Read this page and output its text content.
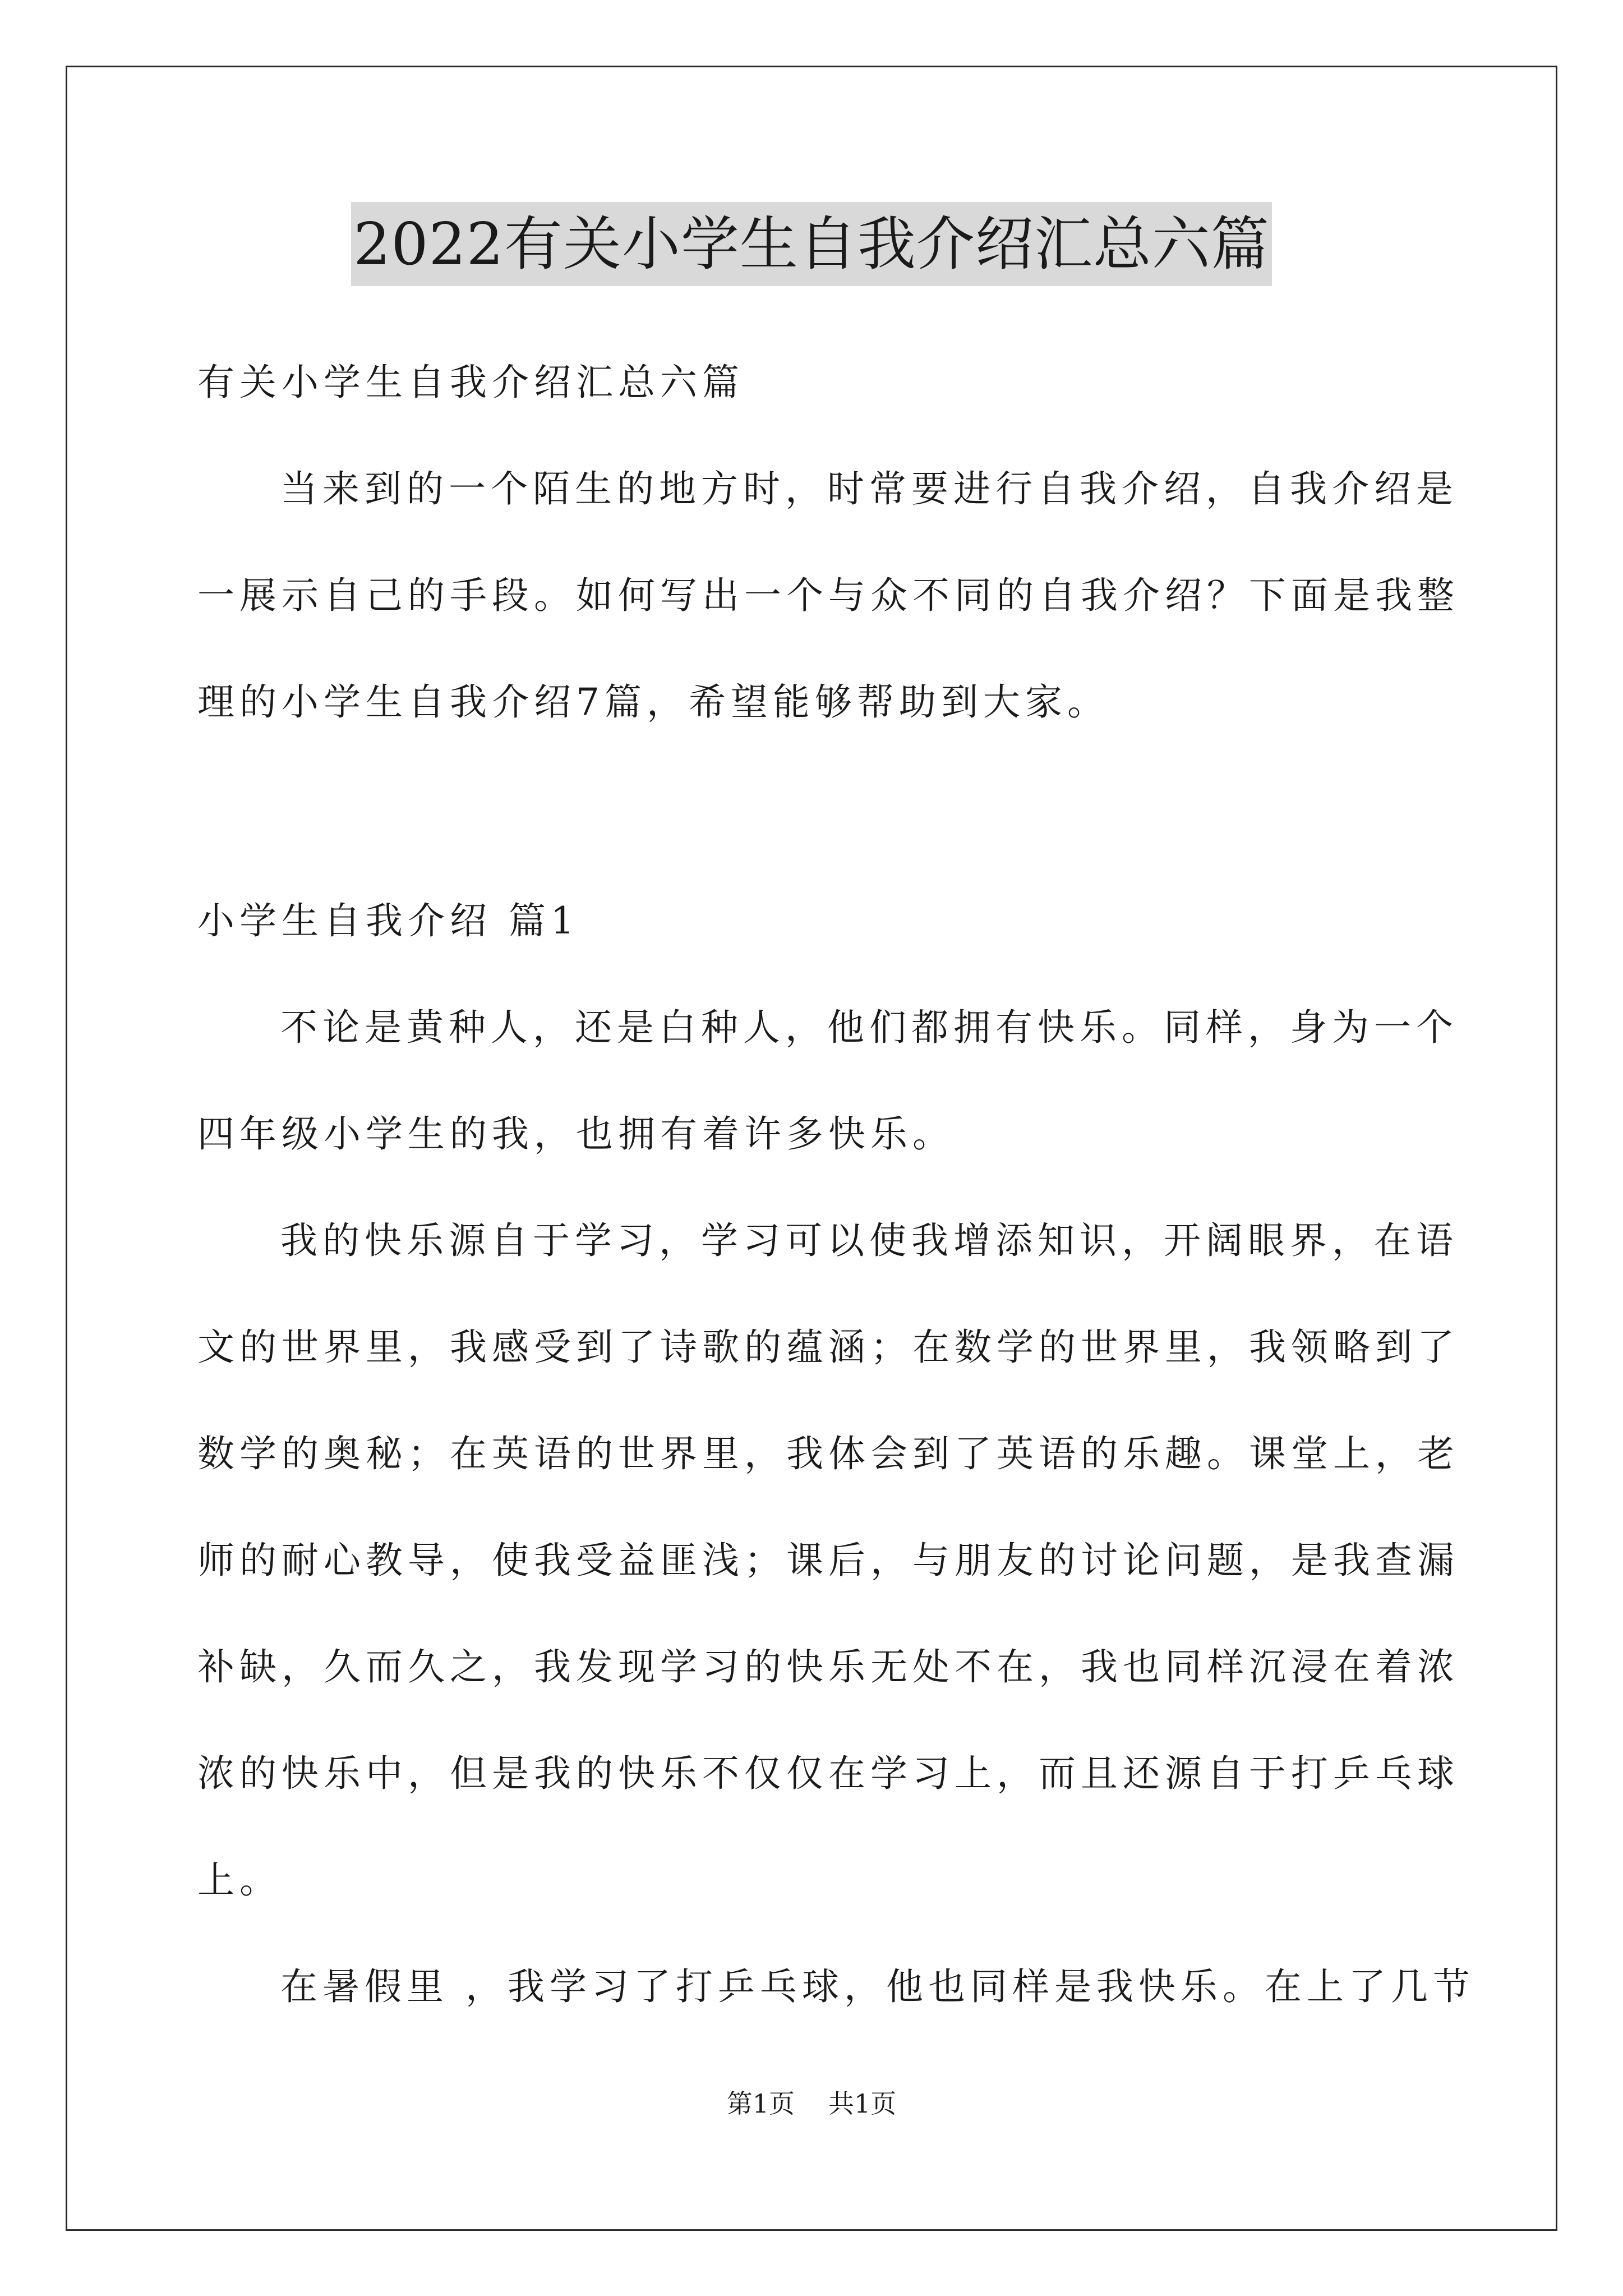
2022有关小学生自我介绍汇总六篇
有关小学生自我介绍汇总六篇
当来到的一个陌生的地方时，时常要进行自我介绍，自我介绍是
一展示自己的手段。如何写出一个与众不同的自我介绍？下面是我整
理的小学生自我介绍7篇，希望能够帮助到大家。
小学生自我介绍 篇1
不论是黄种人，还是白种人，他们都拥有快乐。同样，身为一个
四年级小学生的我，也拥有着许多快乐。
我的快乐源自于学习，学习可以使我增添知识，开阔眼界，在语
文的世界里，我感受到了诗歌的蕴涵；在数学的世界里，我领略到了
数学的奥秘；在英语的世界里，我体会到了英语的乐趣。课堂上，老
师的耐心教导，使我受益匪浅；课后，与朋友的讨论问题，是我查漏
补缺，久而久之，我发现学习的快乐无处不在，我也同样沉浸在着浓
浓的快乐中，但是我的快乐不仅仅在学习上，而且还源自于打乒乓球
上。
在暑假里 ，我学习了打乒乓球，他也同样是我快乐。在上了几节
第1页 共1页
